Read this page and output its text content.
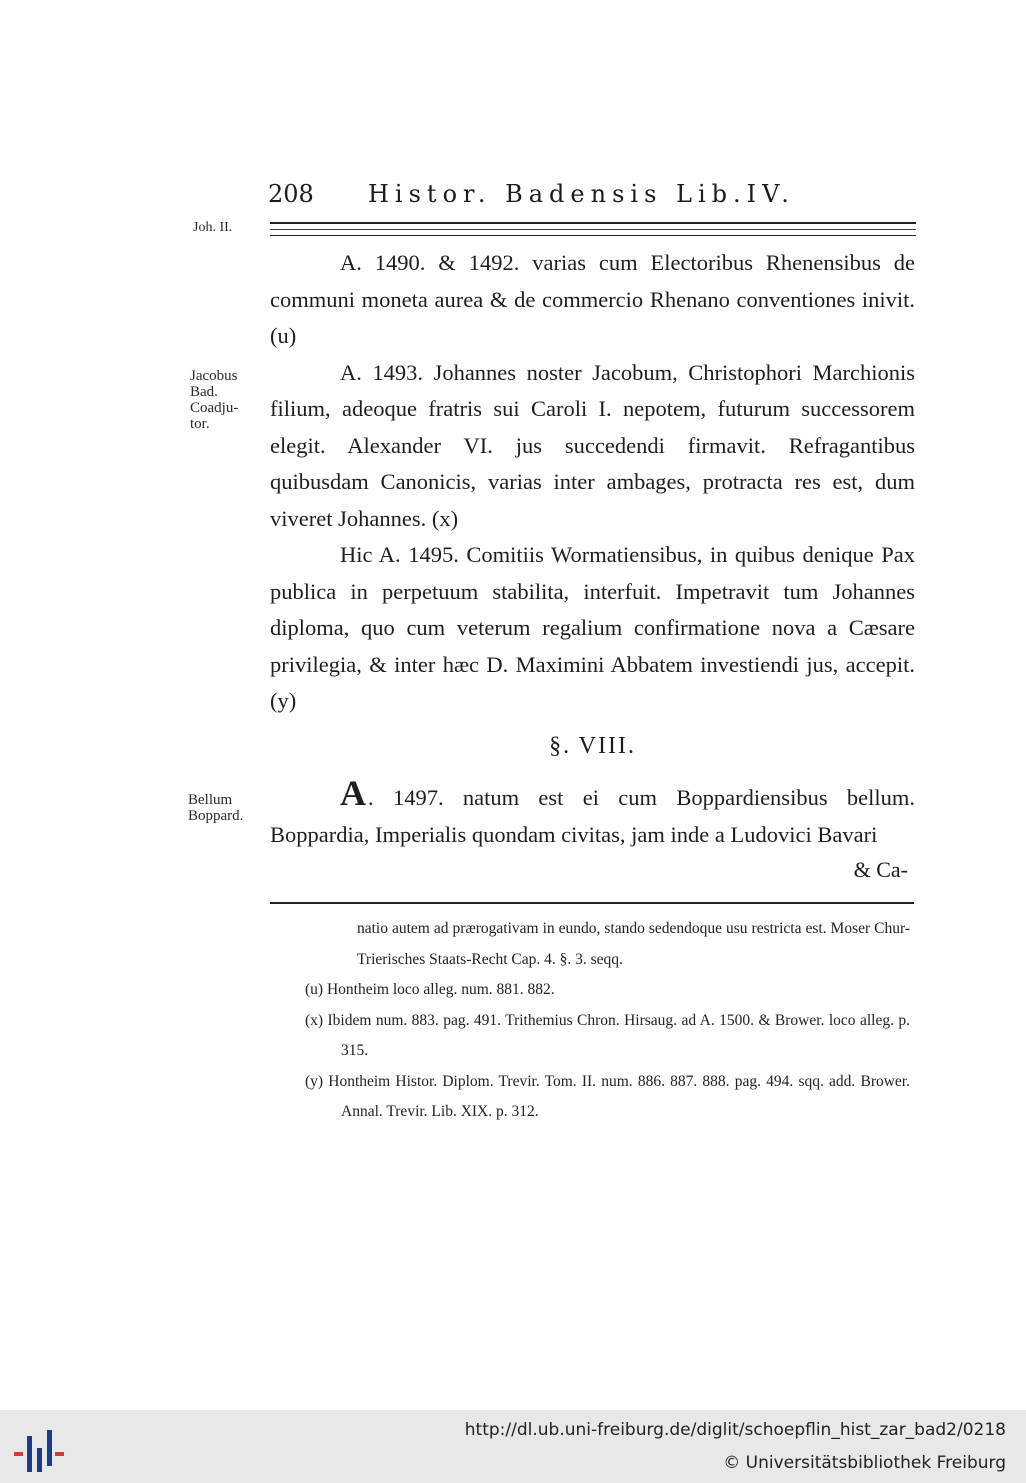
208 Histor. Badensis Lib.IV.
Joh. II.
Jacobus Bad. Coadju- tor.
Bellum Boppard.

A. 1490. & 1492. varias cum Electoribus Rhenensibus de communi moneta aurea & de commercio Rhenano conventiones inivit. (u)

A. 1493. Johannes noster Jacobum, Christophori Marchionis filium, adeoque fratris sui Caroli I. nepotem, futurum successorem elegit. Alexander VI. jus succedendi firmavit. Refragantibus quibusdam Canonicis, varias inter ambages, protracta res est, dum viveret Johannes. (x)

Hic A. 1495. Comitiis Wormatiensibus, in quibus denique Pax publica in perpetuum stabilita, interfuit. Impetravit tum Johannes diploma, quo cum veterum regalium confirmatione nova a Cæsare privilegia, & inter hæc D. Maximini Abbatem investiendi jus, accepit. (y)

§. VIII.

A. 1497. natum est ei cum Boppardiensibus bellum. Boppardia, Imperialis quondam civitas, jam inde a Ludovici Bavari

& Ca-

natio autem ad prærogativam in eundo, stando sedendoque usu restricta est. Moser Chur-Trierisches Staats-Recht Cap. 4. §. 3. seqq.

(u) Hontheim loco alleg. num. 881. 882.

(x) Ibidem num. 883. pag. 491. Trithemius Chron. Hirsaug. ad A. 1500. & Brower. loco alleg. p. 315.

(y) Hontheim Histor. Diplom. Trevir. Tom. II. num. 886. 887. 888. pag. 494. sqq. add. Brower. Annal. Trevir. Lib. XIX. p. 312.

http://dl.ub.uni-freiburg.de/diglit/schoepflin_hist_zar_bad2/0218
© Universitätsbibliothek Freiburg
